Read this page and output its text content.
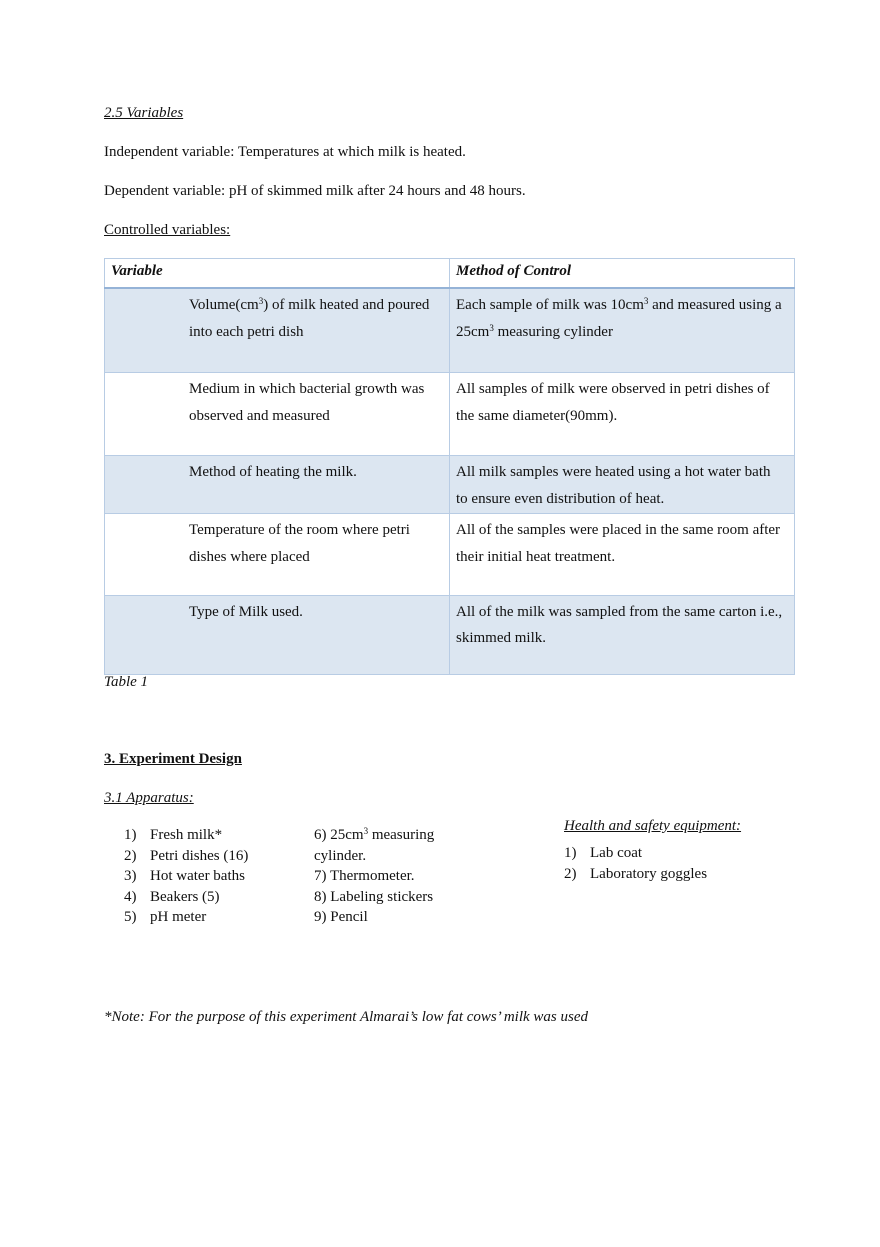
2.5 Variables
Independent variable: Temperatures at which milk is heated.
Dependent variable: pH of skimmed milk after 24 hours and 48 hours.
Controlled variables:
Variable	Method of Control

$Volume(cm^3)$ of milk heated and poured into each petri dish	Each sample of milk was $10cm^3$ and measured using a $25cm^3$ measuring cylinder

Medium in which bacterial growth was observed and measured	All samples of milk were observed in petri dishes of the same diameter(90mm).

Method of heating the milk.	All milk samples were heated using a hot water bath to ensure even distribution of heat.

Temperature of the room where petri dishes where placed	All of the samples were placed in the same room after their initial heat treatment.

Type of Milk used.	All of the milk was sampled from the same carton i.e., skimmed milk.
Table 1
3. Experiment Design
3.1 Apparatus:
1) Fresh milk*
2) Petri dishes (16)
3) Hot water baths
4) Beakers (5)
5) pH meter
6) $25cm^3$ measuring
cylinder.
7) Thermometer.
8) Labeling stickers
9) Pencil
Health and safety equipment:
1) Lab coat
2) Laboratory goggles
*Note: For the purpose of this experiment Almarai’s low fat cows’ milk was used
